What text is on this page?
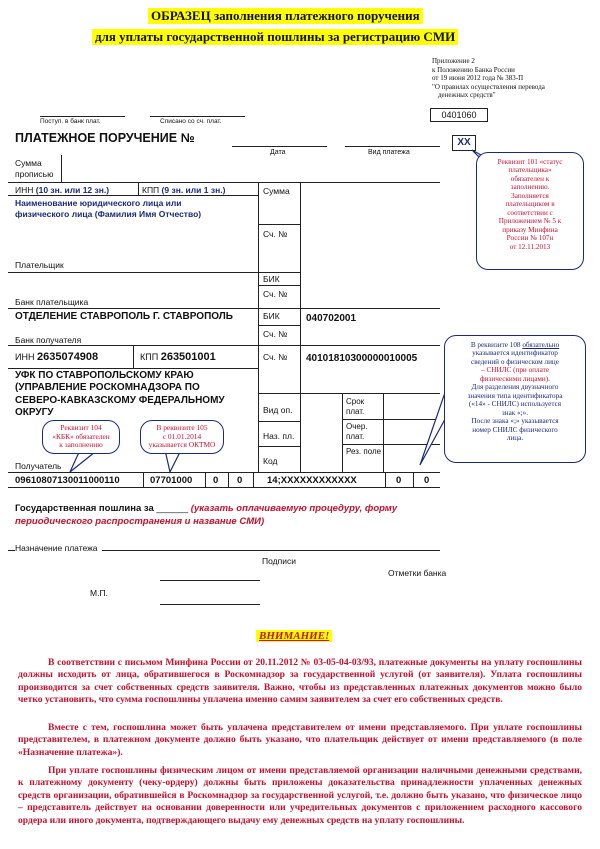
ОБРАЗЕЦ заполнения платежного поручения
для уплаты государственной пошлины за регистрацию СМИ
Приложение 2
к Положению Банка России
от 19 июня 2012 года № 383-П
"О правилах осуществления перевода
денежных средств"
0401060
Поступ. в банк плат.	Списано со сч. плат.
ПЛАТЕЖНОЕ ПОРУЧЕНИЕ №
Дата	Вид платежа
XX
Сумма
прописью
ИНН (10 зн. или 12 зн.)	КПП (9 зн. или 1 зн.)	Сумма
Наименование юридического лица или
физического лица (Фамилия Имя Отчество)
Сч. №
Плательщик
БИК
Сч. №
Банк плательщика
ОТДЕЛЕНИЕ СТАВРОПОЛЬ Г. СТАВРОПОЛЬ	БИК	040702001
Сч. №
Банк получателя
ИНН 2635074908	КПП 263501001	Сч. № 40101810300000010005
УФК ПО СТАВРОПОЛЬСКОМУ КРАЮ
(УПРАВЛЕНИЕ РОСКОМНАДЗОРА ПО
СЕВЕРО-КАВКАЗСКОМУ ФЕДЕРАЛЬНОМУ
ОКРУГУ	Вид оп.
Наз. пл.
Код
Срок плат.
Очер. плат.
Рез. поле
Получатель
09610807130011000110	07701000 0 0	14;XXXXXXXXXXXX	0 0
Государственная пошлина за ______ (указать оплачиваемую процедуру, форму
периодического распространения и название СМИ)
Назначение платежа
Подписи
Отметки банка
М.П.
Реквизит 101 «статус
плательщика»
обязателен к
заполнению.
Заполняется
плательщиком в
соответствии с
Приложением № 5 к
приказу Минфина
России № 107н
от 12.11.2013
В реквизите 108 обязательно
указывается идентификатор
сведений о физическом лице
– СНИЛС (при оплате
физическими лицами).
Для разделения двузначного
значения типа идентификатора
(«14» - СНИЛС) используется
знак «;».
После знака «;» указывается
номер СНИЛС физического
лица.
Реквизит 104
«КБК» обязателен
к заполнению
В реквизите 105
с 01.01.2014
указывается ОКТМО
ВНИМАНИЕ!
В соответствии с письмом Минфина России от 20.11.2012 № 03-05-04-03/93, платежные документы на уплату госпошлины должны исходить от лица, обратившегося в Роскомнадзор за государственной услугой (от заявителя). Уплата госпошлины производится за счет собственных средств заявителя. Важно, чтобы из представленных платежных документов можно было четко установить, что сумма госпошлины уплачена именно самим заявителем за счет его собственных средств.
Вместе с тем, госпошлина может быть уплачена представителем от имени представляемого. При уплате госпошлины представителем, в платежном документе должно быть указано, что плательщик действует от имени представляемого (в поле «Назначение платежа»).
При уплате госпошлины физическим лицом от имени представляемой организации наличными денежными средствами, к платежному документу (чеку-ордеру) должны быть приложены доказательства принадлежности уплаченных денежных средств организации, обратившейся в Роскомнадзор за государственной услугой, т.е. должно быть указано, что физическое лицо – представитель действует на основании доверенности или учредительных документов с приложением расходного кассового ордера или иного документа, подтверждающего выдачу ему денежных средств на уплату госпошлины.
